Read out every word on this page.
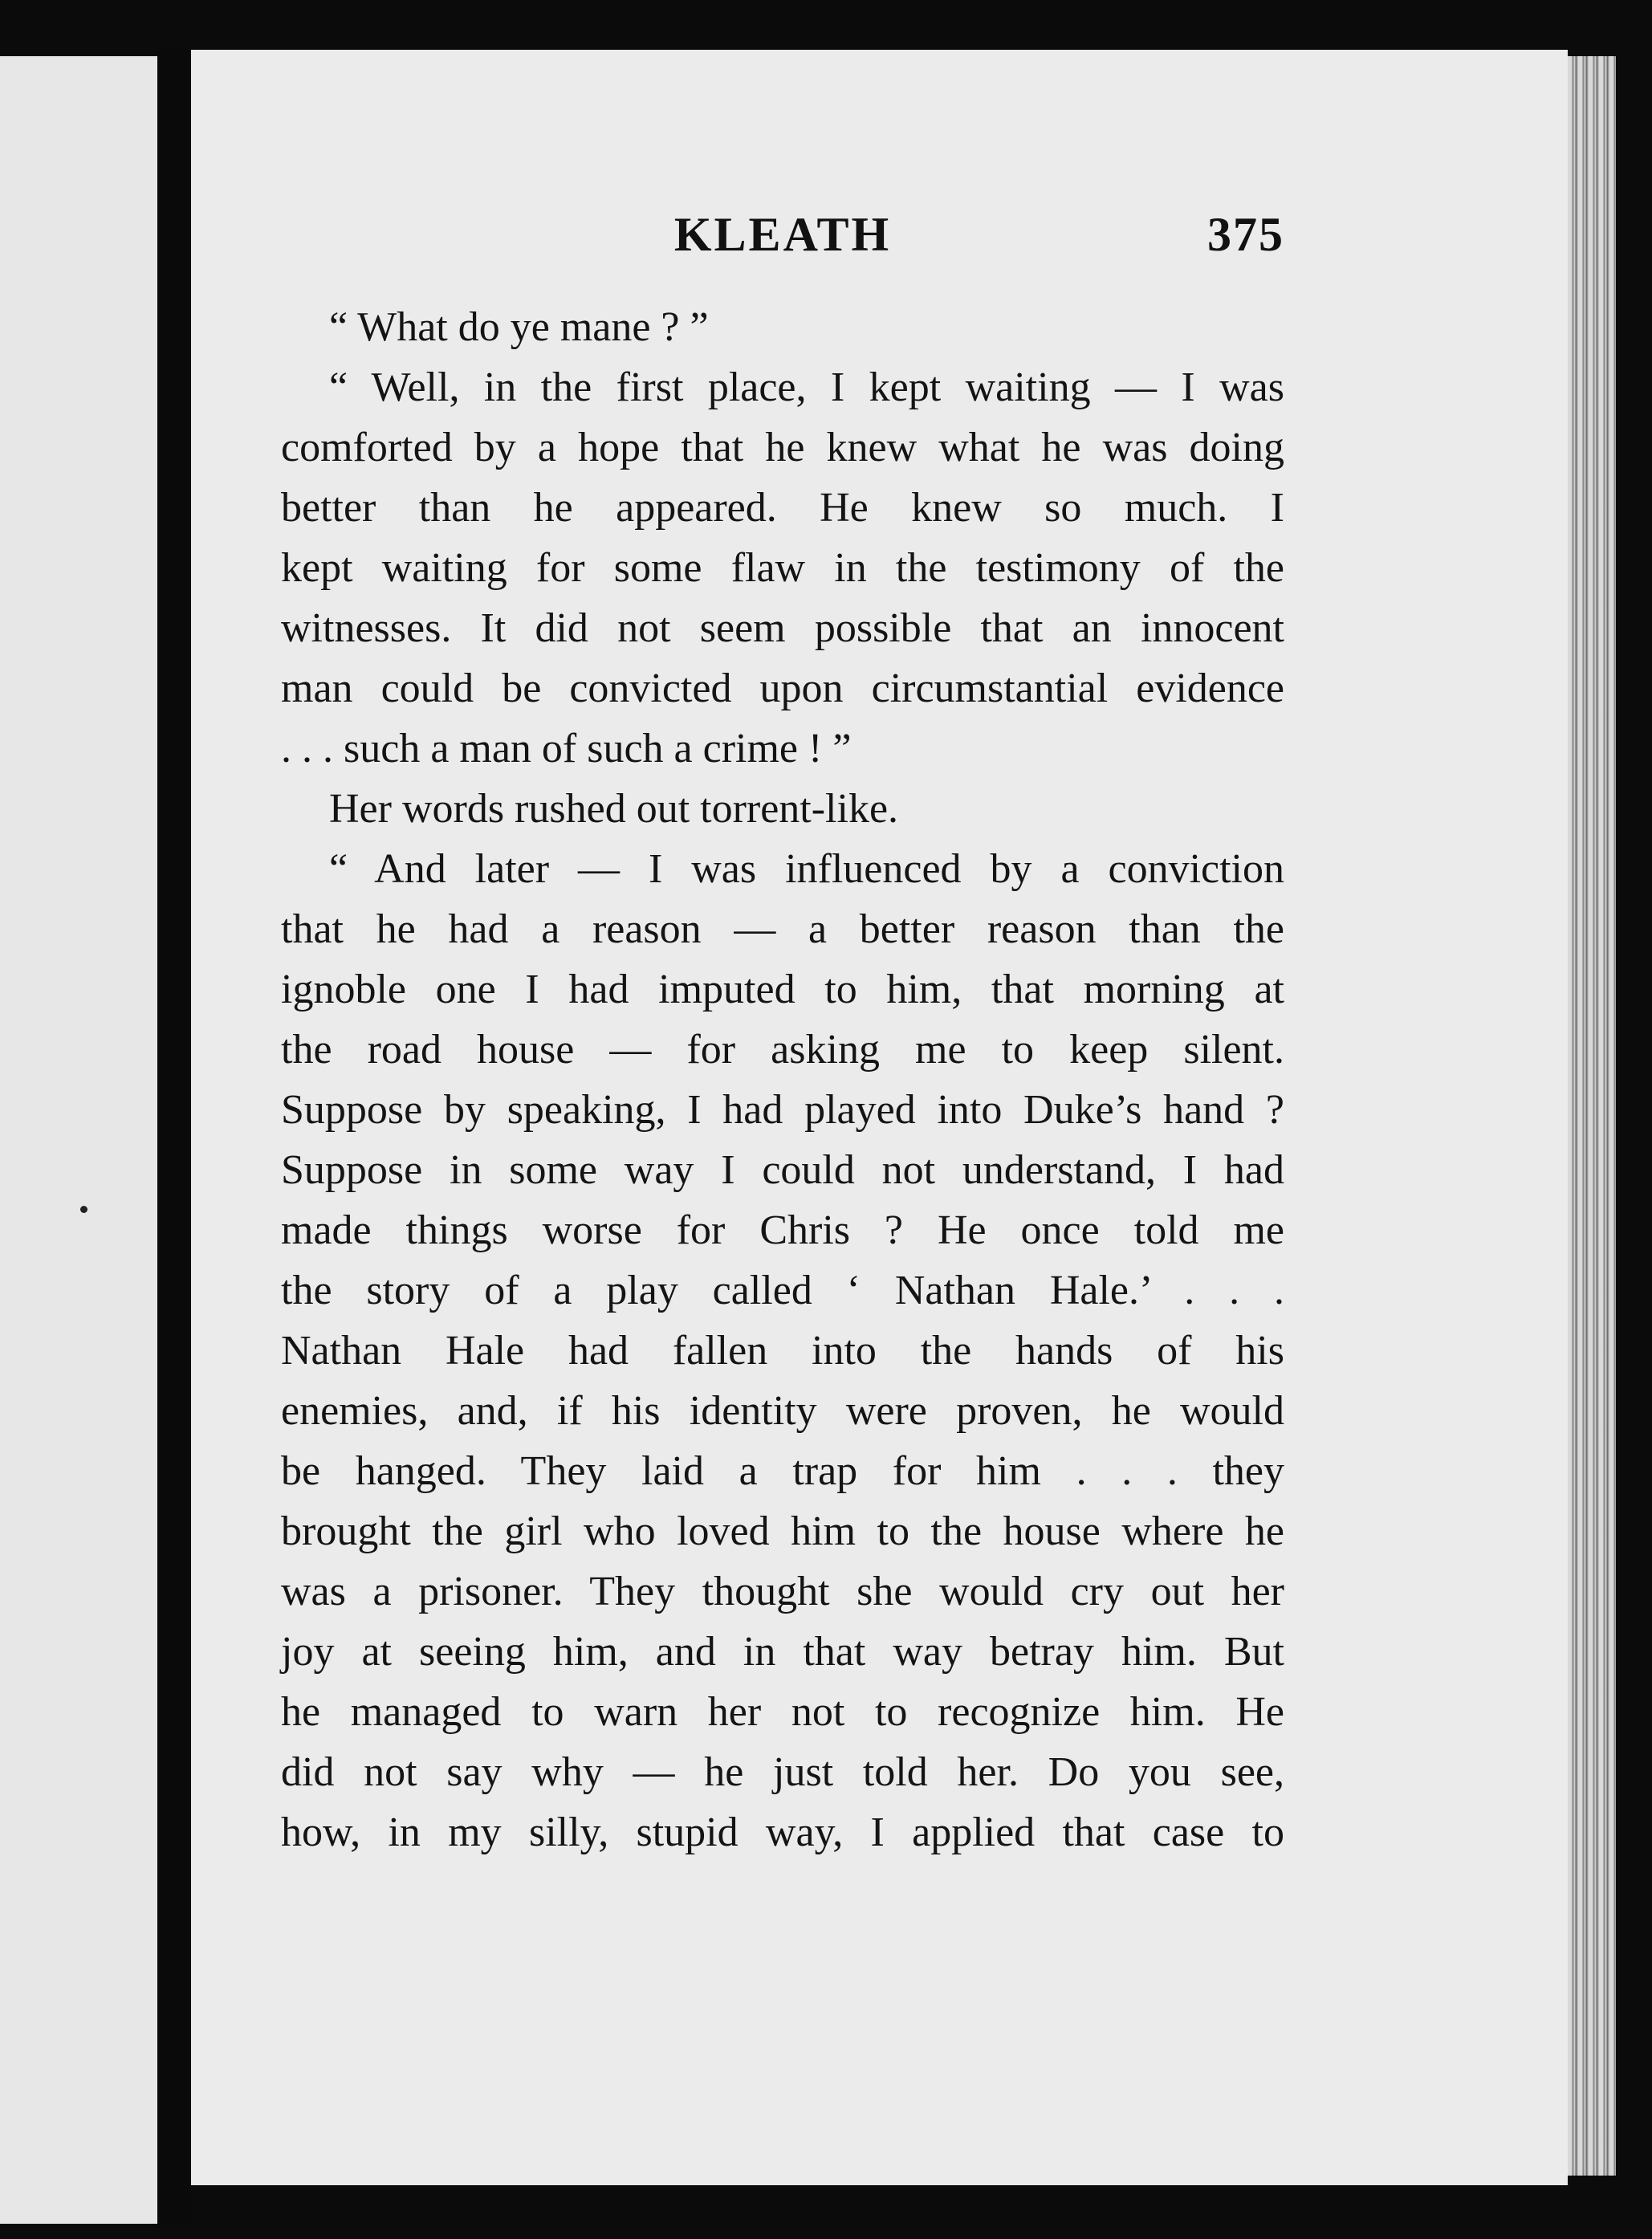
KLEATH	375
“ What do ye mane ? ”
“ Well, in the first place, I kept waiting — I was
comforted by a hope that he knew what he was doing
better than he appeared. He knew so much. I
kept waiting for some flaw in the testimony of the
witnesses. It did not seem possible that an innocent
man could be convicted upon circumstantial evidence
. . . such a man of such a crime ! ”
Her words rushed out torrent-like.
“ And later — I was influenced by a conviction
that he had a reason — a better reason than the
ignoble one I had imputed to him, that morning at
the road house — for asking me to keep silent.
Suppose by speaking, I had played into Duke’s hand ?
Suppose in some way I could not understand, I had
made things worse for Chris ? He once told me
the story of a play called ‘ Nathan Hale.’ . . .
Nathan Hale had fallen into the hands of his
enemies, and, if his identity were proven, he would
be hanged. They laid a trap for him . . . they
brought the girl who loved him to the house where he
was a prisoner. They thought she would cry out her
joy at seeing him, and in that way betray him. But
he managed to warn her not to recognize him. He
did not say why — he just told her. Do you see,
how, in my silly, stupid way, I applied that case to
